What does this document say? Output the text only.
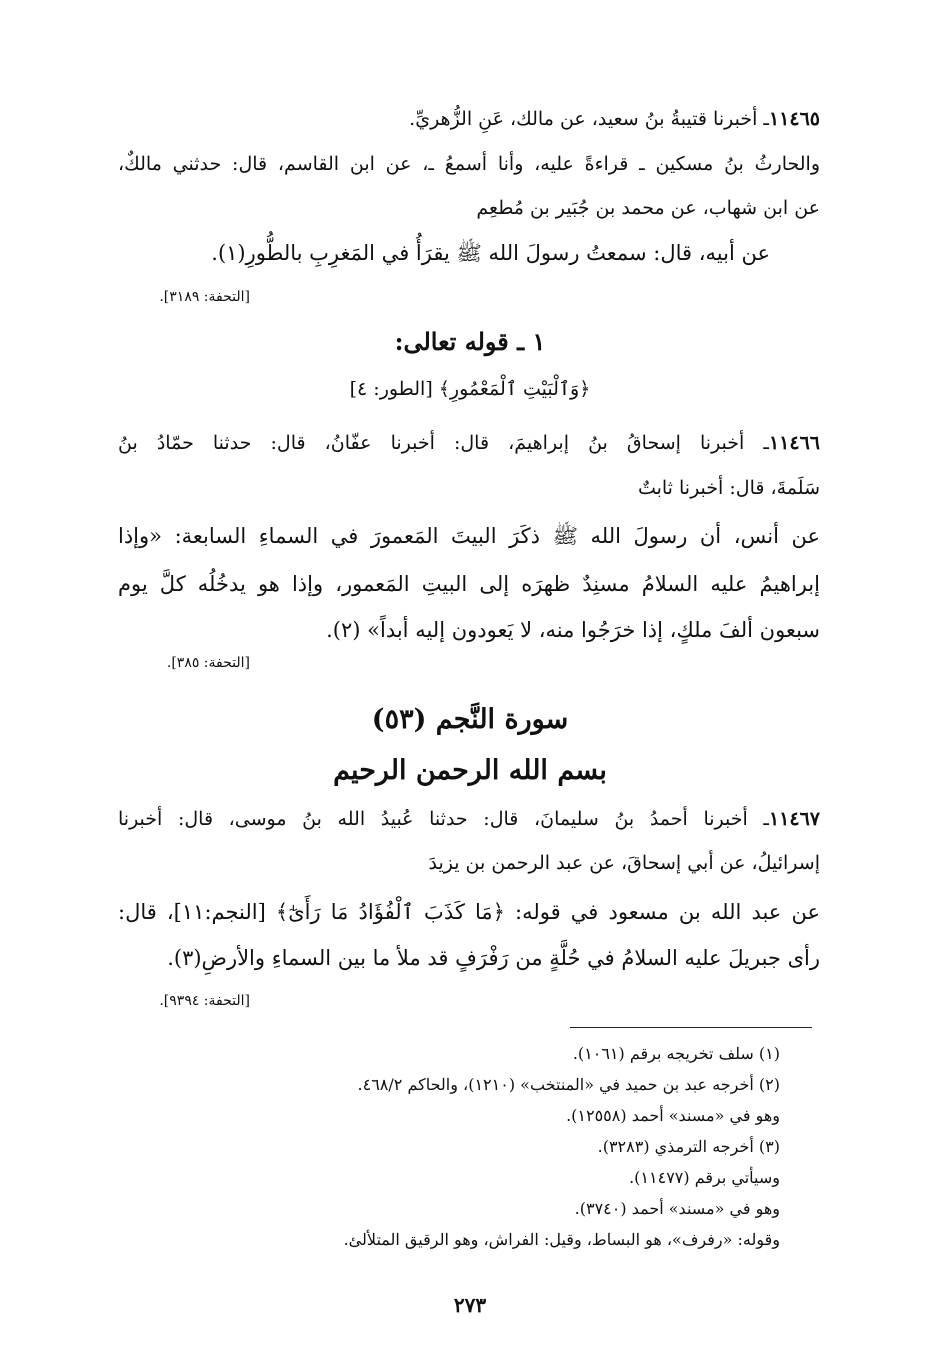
١١٤٦٥ـ أخبرنا قتيبةُ بنُ سعيد، عن مالك، عَنِ الزُّهريِّ.
والحارثُ بنُ مسكين ـ قراءةً عليه، وأنا أسمعُ ـ، عن ابن القاسم، قال: حدثني مالكٌ،
عن ابن شهاب، عن محمد بن جُبَير بن مُطعِم
عن أبيه، قال: سمعتُ رسولَ الله ﷺ يقرَأُ في المَغرِبِ بالطُّورِ(١).
[التحفة: ٣١٨٩].
١ ـ قوله تعالى:
﴿وَٱلْبَيْتِ ٱلْمَعْمُورِ﴾ [الطور: ٤]
١١٤٦٦ـ أخبرنا إسحاقُ بنُ إبراهيمَ، قال: أخبرنا عفّانُ، قال: حدثنا حمّادُ بنُ
سَلَمةَ، قال: أخبرنا ثابتٌ
عن أنس، أن رسولَ الله ﷺ ذكَرَ البيتَ المَعمورَ في السماءِ السابعة: «وإذا
إبراهيمُ عليه السلامُ مسنِدٌ ظهرَه إلى البيتِ المَعمور، وإذا هو يدخُلُه كلَّ يوم
سبعون ألفَ ملكٍ، إذا خرَجُوا منه، لا يَعودون إليه أبداً» (٢).
[التحفة: ٣٨٥].
سورة النَّجم (٥٣)
بسم الله الرحمن الرحيم
١١٤٦٧ـ أخبرنا أحمدُ بنُ سليمانَ، قال: حدثنا عُبيدُ الله بنُ موسى، قال: أخبرنا
إسرائيلُ، عن أبي إسحاقَ، عن عبد الرحمن بن يزيدَ
عن عبد الله بن مسعود في قوله: ﴿مَا كَذَبَ ٱلْفُؤَادُ مَا رَأَىٰٓ﴾ [النجم:١١]، قال:
رأى جبريلَ عليه السلامُ في حُلَّةٍ من رَفْرَفٍ قد ملأ ما بين السماءِ والأرضِ(٣).
[التحفة: ٩٣٩٤].
(١) سلف تخريجه برقم (١٠٦١).
(٢) أخرجه عبد بن حميد في «المنتخب» (١٢١٠)، والحاكم ٤٦٨/٢.
وهو في «مسند» أحمد (١٢٥٥٨).
(٣) أخرجه الترمذي (٣٢٨٣).
وسيأتي برقم (١١٤٧٧).
وهو في «مسند» أحمد (٣٧٤٠).
وقوله: «رفرف»، هو البساط، وقيل: الفراش، وهو الرقيق المتلألئ.
٢٧٣
